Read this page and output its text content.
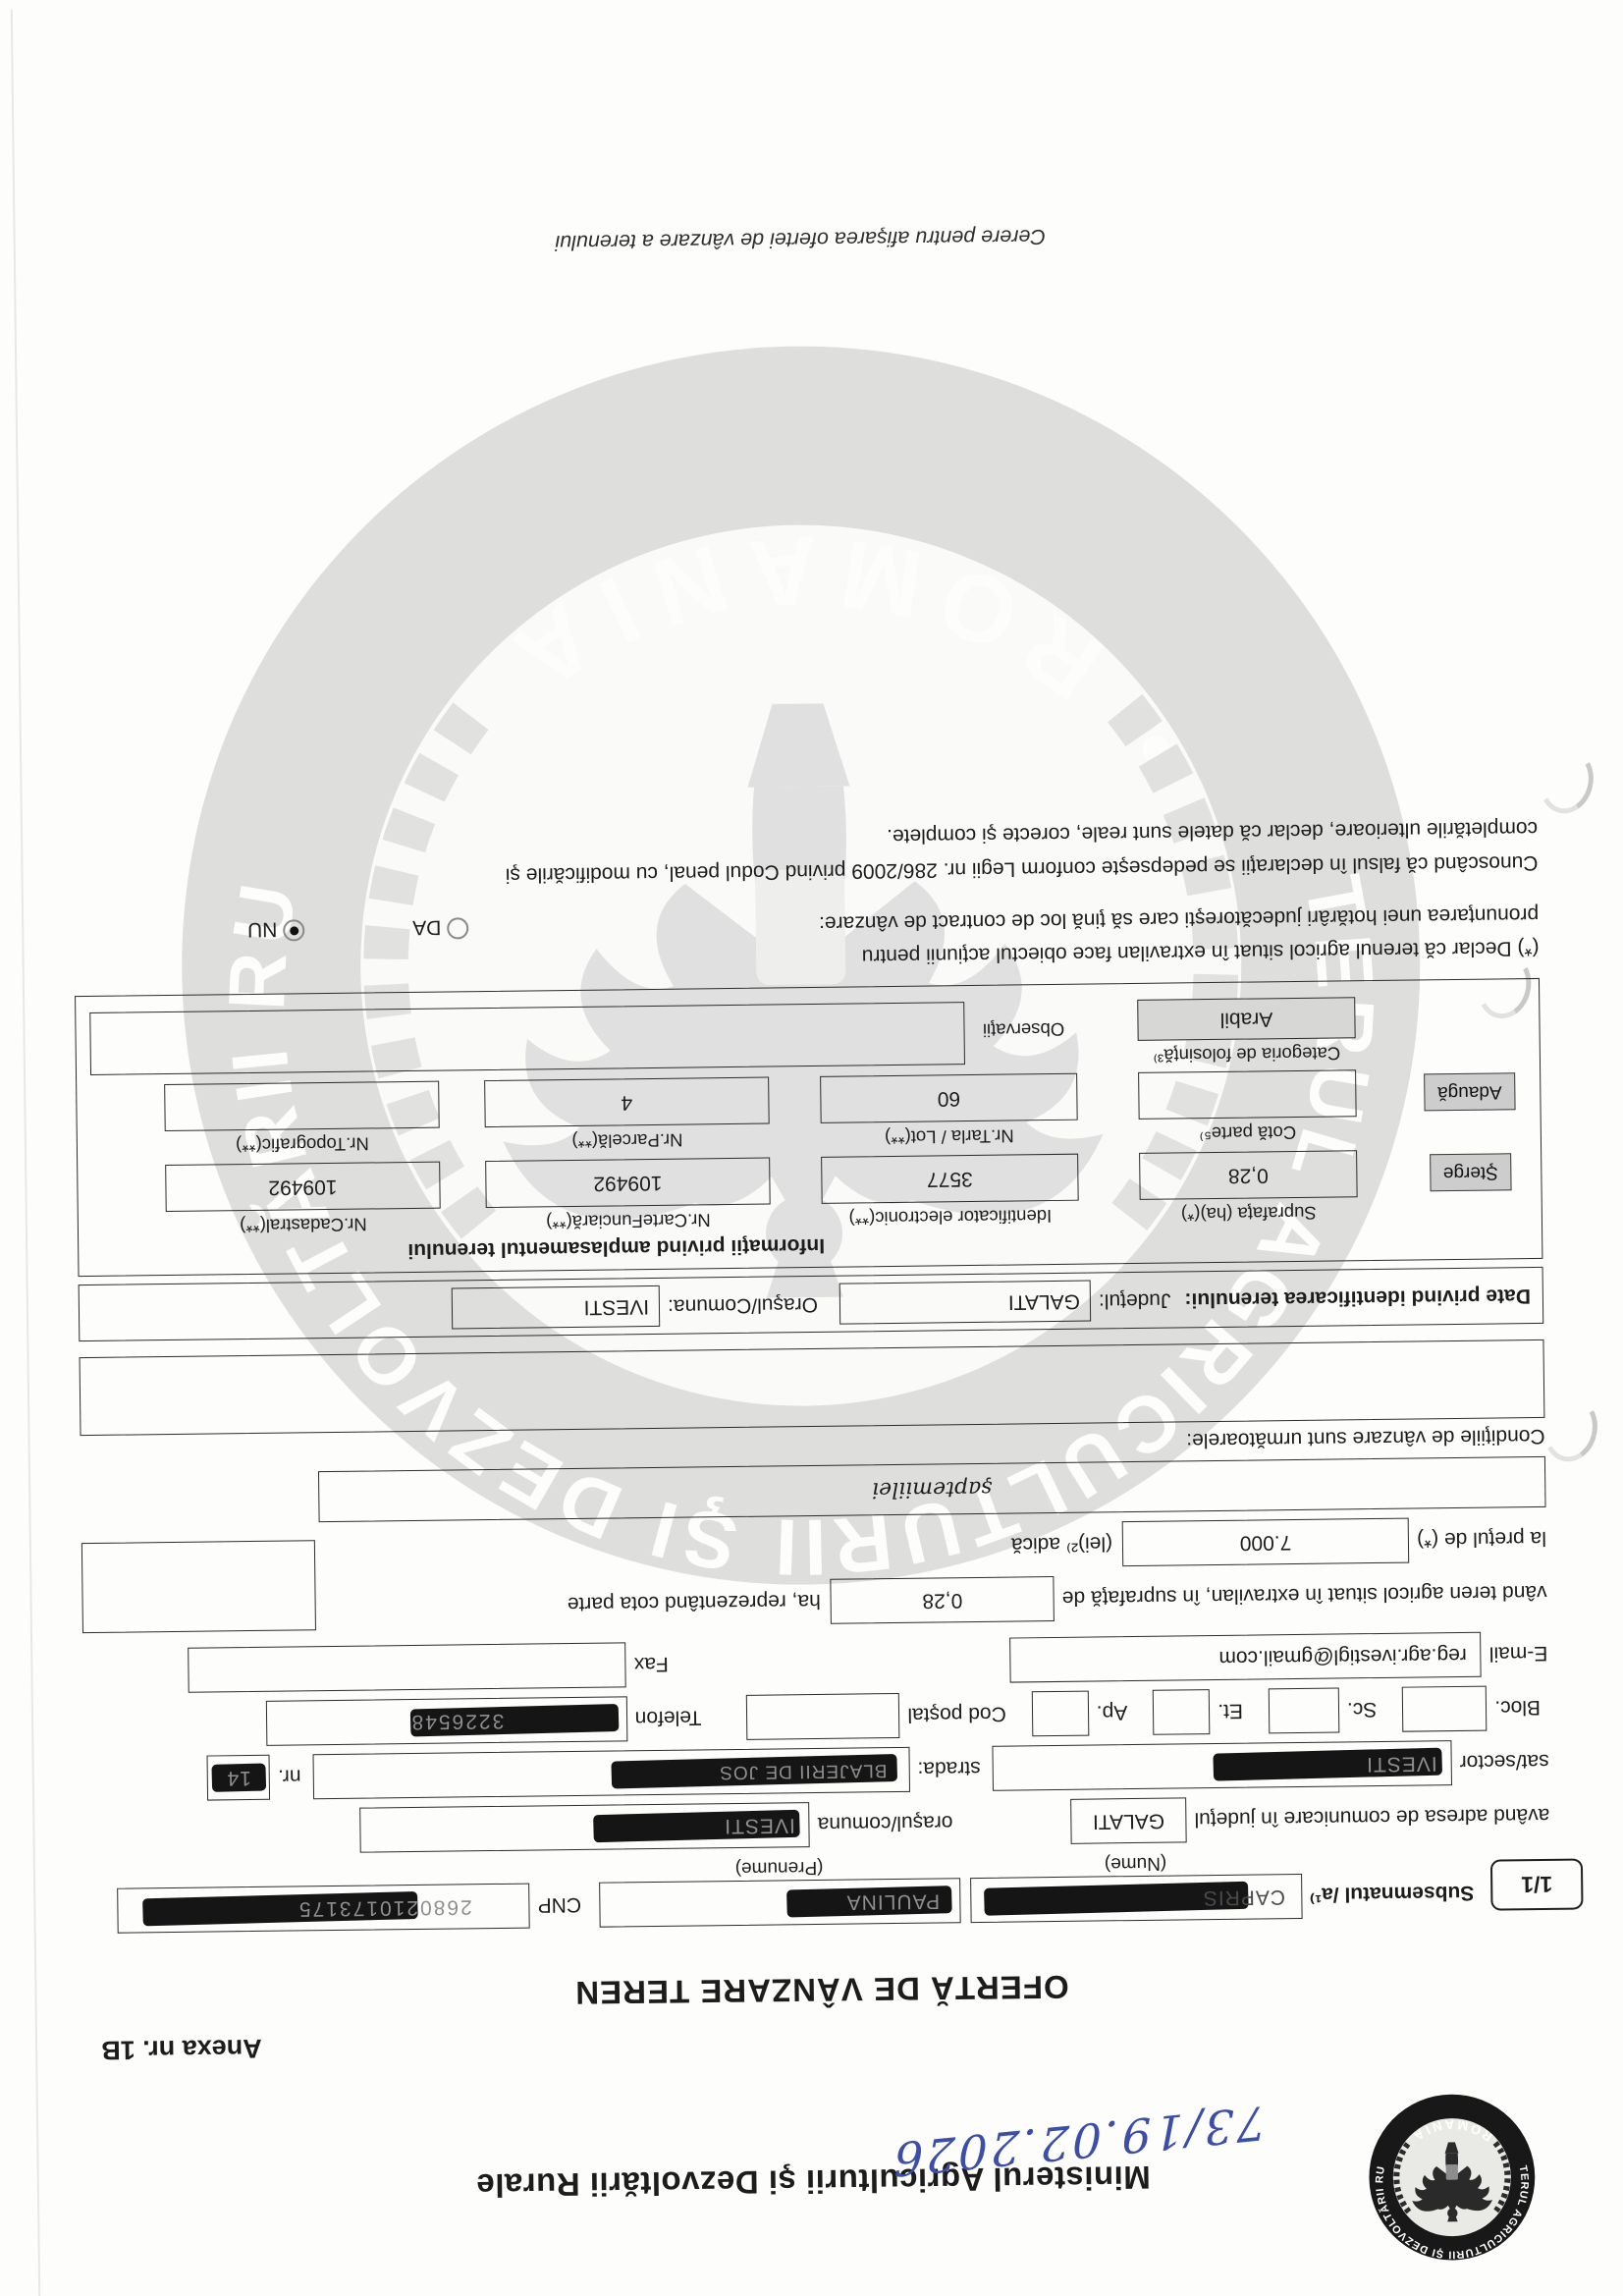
Ministerul Agriculturii şi Dezvoltării Rurale
73/19.02.2026
Anexa nr. 1B
OFERTĂ DE VÂNZARE TEREN
1/1
Subsemnatul /a¹⁾
CAPRIS
(Nume)
PAULINA
(Prenume)
CNP
2680210173175
având adresa de comunicare în judeţul
GALATI
oraşul/comuna
IVESTI
sat/sector
IVESTI
strada:
BLAJERII DE JOS
nr.
14
Bloc.
Sc.
Et.
Ap.
Cod poştal
Telefon
3226548
E-mail
reg.agr.ivestigl@gmail.com
Fax
vând teren agricol situat în extravilan, în suprafaţă de
0,28
ha, reprezentând cota parte
la preţul de (*)
7.000
(lei)²⁾ adică
şaptemiilei
Condiţiile de vânzare sunt următoarele:
Date privind identificarea terenului:
Judeţul:
GALATI
Oraşul/Comuna:
IVESTI
Informaţii privind amplasamentul terenului
Suprafaţa (ha)(*)
Identificator electronic(**)
Nr.CarteFunciară(**)
Nr.Cadastral(**)
Şterge
0,28
3577
109492
109492
Cotă parte⁵⁾
Nr.Tarla / Lot(**)
Nr.Parcelă(**)
Nr.Topografic(**)
Adaugă
60
4
Categoria de folosinţă³⁾
Arabil
Observaţii
(*) Declar că terenul agricol situat în extravilan face obiectul acţiunii pentru
pronunţarea unei hotărâri judecătoreşti care să ţină loc de contract de vânzare:
DA
NU
Cunoscând că falsul în declaraţii se pedepseşte conform Legii nr. 286/2009 privind Codul penal, cu modificările şi
completările ulterioare, declar că datele sunt reale, corecte şi complete.
Cerere pentru afişarea ofertei de vânzare a terenului
